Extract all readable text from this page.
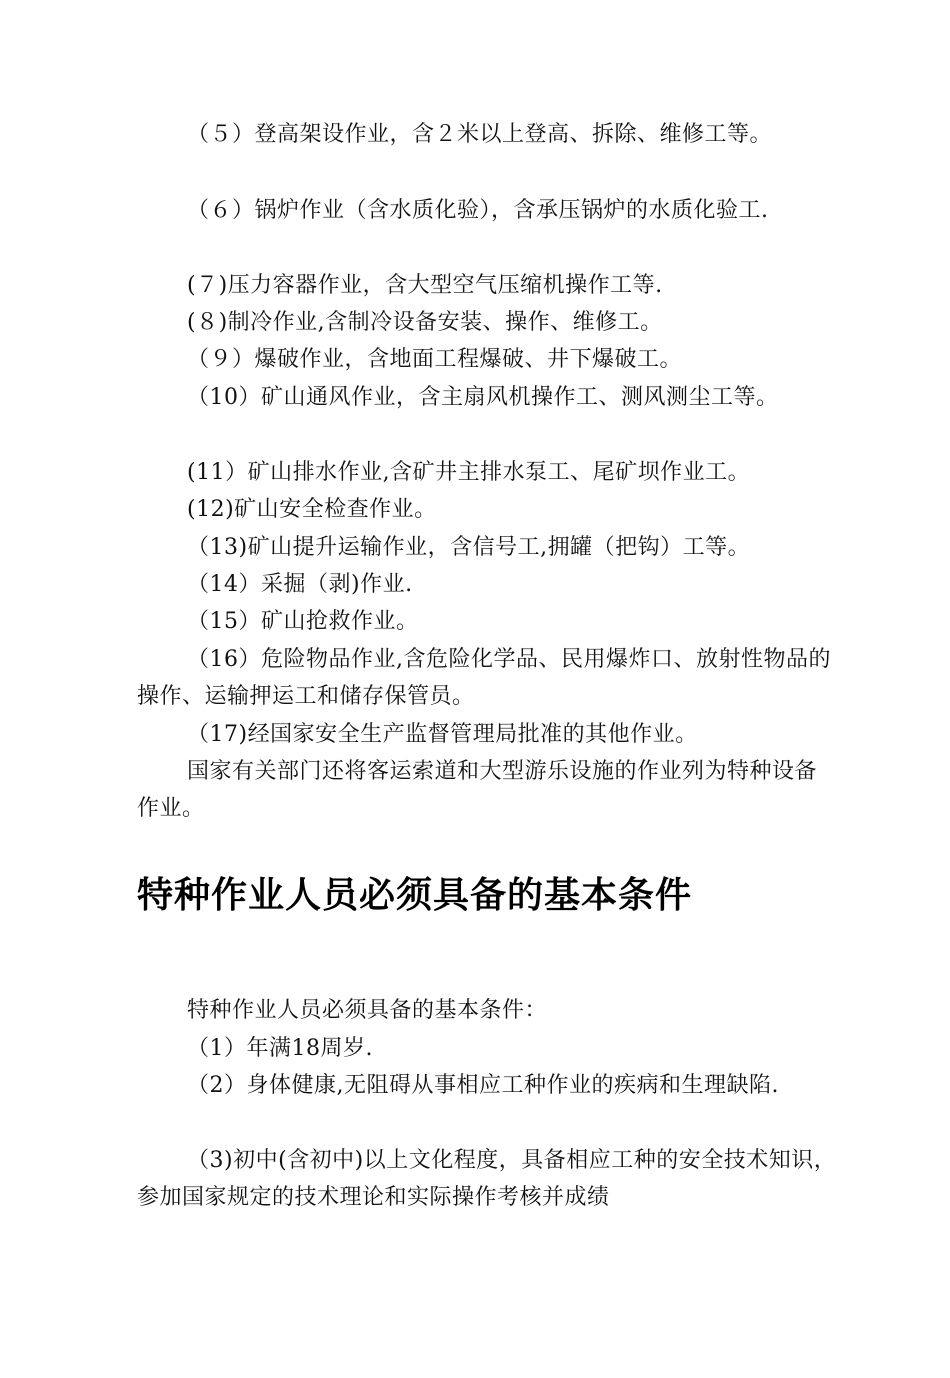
（５）登高架设作业，含２米以上登高、拆除、维修工等。
（６）锅炉作业（含水质化验），含承压锅炉的水质化验工.
(７)压力容器作业，含大型空气压缩机操作工等.
(８)制冷作业,含制冷设备安装、操作、维修工。
（９）爆破作业，含地面工程爆破、井下爆破工。
（10）矿山通风作业，含主扇风机操作工、测风测尘工等。
(11）矿山排水作业,含矿井主排水泵工、尾矿坝作业工。
(12)矿山安全检查作业。
（13)矿山提升运输作业，含信号工,拥罐（把钩）工等。
（14）采掘（剥)作业.
（15）矿山抢救作业。
（16）危险物品作业,含危险化学品、民用爆炸口、放射性物品的操作、运输押运工和储存保管员。
（17)经国家安全生产监督管理局批准的其他作业。
国家有关部门还将客运索道和大型游乐设施的作业列为特种设备作业。
特种作业人员必须具备的基本条件
特种作业人员必须具备的基本条件：
（1）年满18周岁.
（2）身体健康,无阻碍从事相应工种作业的疾病和生理缺陷.
（3)初中(含初中)以上文化程度，具备相应工种的安全技术知识，参加国家规定的技术理论和实际操作考核并成绩
